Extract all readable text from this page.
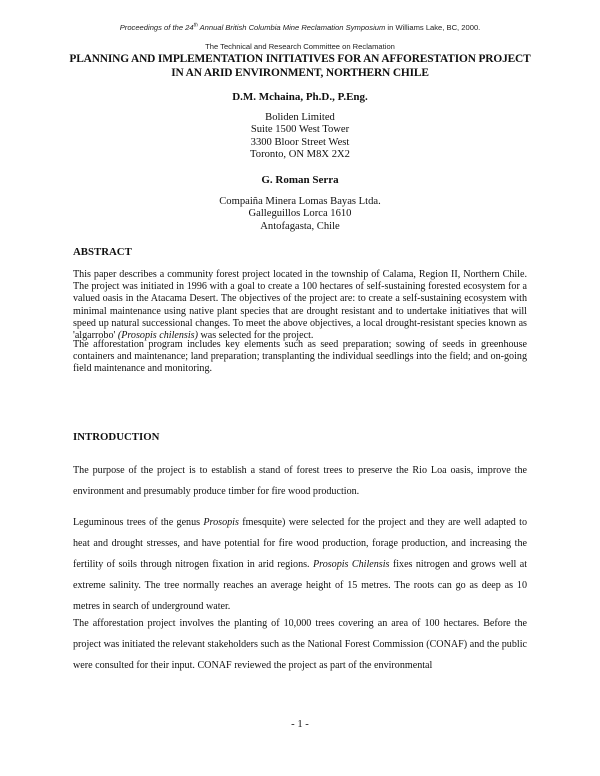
Proceedings of the 24th Annual British Columbia Mine Reclamation Symposium in Williams Lake, BC, 2000.
The Technical and Research Committee on Reclamation
PLANNING AND IMPLEMENTATION INITIATIVES FOR AN AFFORESTATION PROJECT
IN AN ARID ENVIRONMENT, NORTHERN CHILE
D.M. Mchaina, Ph.D., P.Eng.
Boliden Limited
Suite 1500 West Tower
3300 Bloor Street West
Toronto, ON M8X 2X2
G. Roman Serra
Compaiña Minera Lomas Bayas Ltda.
Galleguillos Lorca 1610
Antofagasta, Chile
ABSTRACT
This paper describes a community forest project located in the township of Calama, Region II, Northern Chile. The project was initiated in 1996 with a goal to create a 100 hectares of self-sustaining forested ecosystem for a valued oasis in the Atacama Desert. The objectives of the project are: to create a self-sustaining ecosystem with minimal maintenance using native plant species that are drought resistant and to undertake initiatives that will speed up natural successional changes. To meet the above objectives, a local drought-resistant species known as 'algarrobo' (Prosopis chilensis) was selected for the project.
The afforestation program includes key elements such as seed preparation; sowing of seeds in greenhouse containers and maintenance; land preparation; transplanting the individual seedlings into the field; and on-going field maintenance and monitoring.
INTRODUCTION
The purpose of the project is to establish a stand of forest trees to preserve the Rio Loa oasis, improve the environment and presumably produce timber for fire wood production.
Leguminous trees of the genus Prosopis fmesquite) were selected for the project and they are well adapted to heat and drought stresses, and have potential for fire wood production, forage production, and increasing the fertility of soils through nitrogen fixation in arid regions. Prosopis Chilensis fixes nitrogen and grows well at extreme salinity. The tree normally reaches an average height of 15 metres. The roots can go as deep as 10 metres in search of underground water.
The afforestation project involves the planting of 10,000 trees covering an area of 100 hectares. Before the project was initiated the relevant stakeholders such as the National Forest Commission (CONAF) and the public were consulted for their input. CONAF reviewed the project as part of the environmental
- 1 -
